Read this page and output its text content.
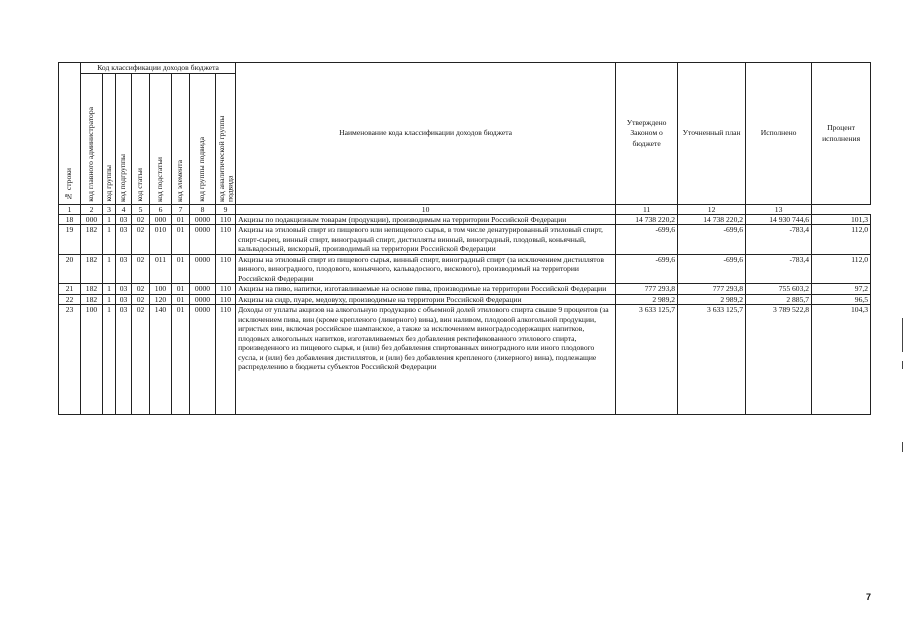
№ строки	Код классификации доходов бюджета								Наименование кода классификации доходов бюджета	Утверждено Законом о бюджете	Уточненный план	Исполнено	Процент исполнения
	код главного администратора	код группы	код подгруппы	код статьи	код подстатьи	код элемента	код группы подвида	код аналитической группы подвида					
1	2	3	4	5	6	7	8	9	10	11	12	13	
18	000	1	03	02	000	01	0000	110	Акцизы по подакцизным товарам (продукции), производимым на территории Российской Федерации	14 738 220,2	14 738 220,2	14 930 744,6	101,3
19	182	1	03	02	010	01	0000	110	Акцизы на этиловый спирт из пищевого или непищевого сырья, в том числе денатурированный этиловый спирт, спирт-сырец, винный спирт, виноградный спирт, дистилляты винный, виноградный, плодовый, коньячный, кальвадосный, вискорый, производимый на территории Российской Федерации	-699,6	-699,6	-783,4	112,0
20	182	1	03	02	011	01	0000	110	Акцизы на этиловый спирт из пищевого сырья, винный спирт, виноградный спирт (за исключением дистиллятов винного, виноградного, плодового, коньячного, кальвадосного, вискового), производимый на территории Российской Федерации	-699,6	-699,6	-783,4	112,0
21	182	1	03	02	100	01	0000	110	Акцизы на пиво, напитки, изготавливаемые на основе пива, производимые на территории Российской Федерации	777 293,8	777 293,8	755 603,2	97,2
22	182	1	03	02	120	01	0000	110	Акцизы на сидр, пуаре, медовуху, производимые на территории Российской Федерации	2 989,2	2 989,2	2 885,7	96,5
23	100	1	03	02	140	01	0000	110	Доходы от уплаты акцизов на алкогольную продукцию с объемной долей этилового спирта свыше 9 процентов (за исключением пива, вин (кроме крепленого (ликерного) вина), вин наливом, плодовой алкогольной продукции, игристых вин, включая российское шампанское, а также за исключением виноградосодержащих напитков, плодовых алкогольных напитков, изготавливаемых без добавления ректификованного этилового спирта, произведенного из пищевого сырья, и (или) без добавления спиртованных виноградного или иного плодового сусла, и (или) без добавления дистиллятов, и (или) без добавления крепленого (ликерного) вина), подлежащие распределению в бюджеты субъектов Российской Федерации	3 633 125,7	3 633 125,7	3 789 522,8	104,3
7
